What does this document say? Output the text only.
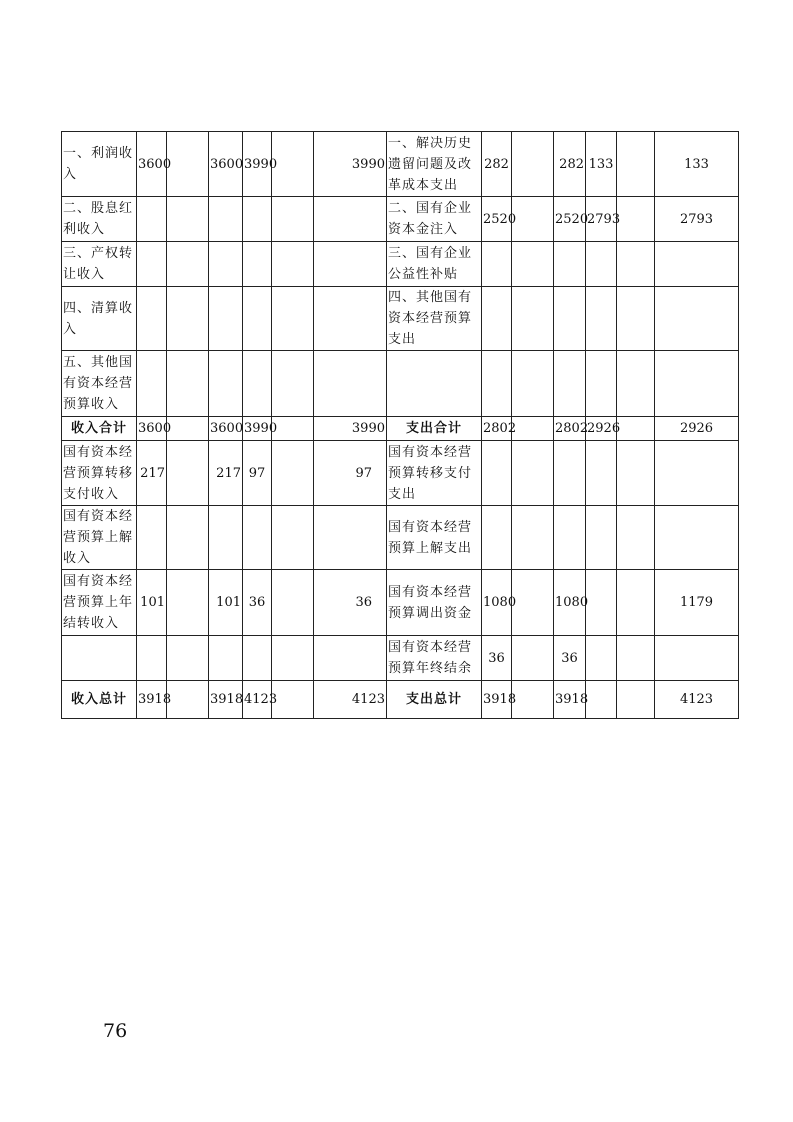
一、利润收入	3600		3600	3990		3990	一、解决历史遗留问题及改革成本支出	282		282	133		133
二、股息红利收入							二、国有企业资本金注入	2520		2520	2793		2793
三、产权转让收入							三、国有企业公益性补贴						
四、清算收入							四、其他国有资本经营预算支出						
五、其他国有资本经营预算收入													
收入合计	3600		3600	3990		3990	支出合计	2802		2802	2926		2926
国有资本经营预算转移支付收入	217		217	97		97	国有资本经营预算转移支付支出						
国有资本经营预算上解收入							国有资本经营预算上解支出						
国有资本经营预算上年结转收入	101		101	36		36	国有资本经营预算调出资金	1080		1080			1179
							国有资本经营预算年终结余	36		36			
收入总计	3918		3918	4123		4123	支出总计	3918		3918			4123
76
